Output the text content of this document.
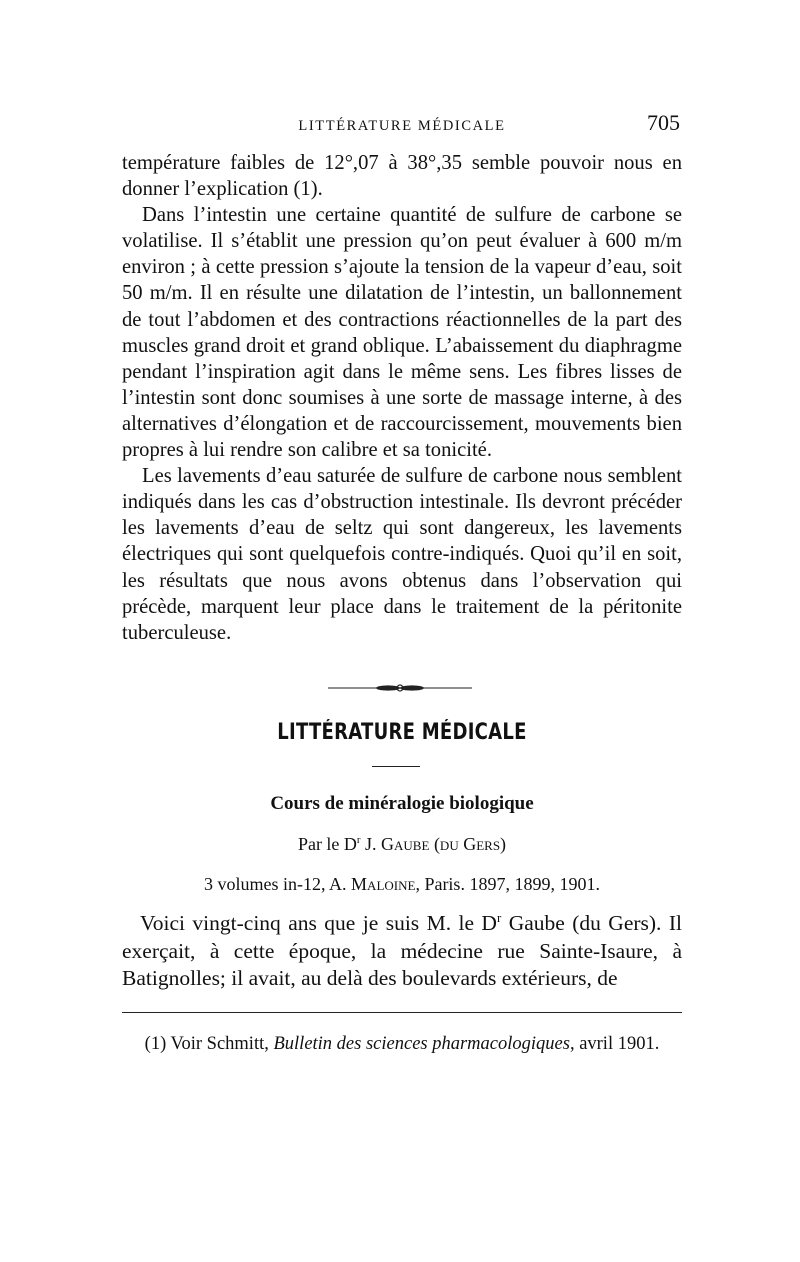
LITTÉRATURE MÉDICALE	705

température faibles de 12°,07 à 38°,35 semble pouvoir nous en donner l’explication (1).

Dans l’intestin une certaine quantité de sulfure de carbone se volatilise. Il s’établit une pression qu’on peut évaluer à 600 m/m environ ; à cette pression s’ajoute la tension de la vapeur d’eau, soit 50 m/m. Il en résulte une dilatation de l’intestin, un ballonnement de tout l’abdomen et des contractions réactionnelles de la part des muscles grand droit et grand oblique. L’abaissement du diaphragme pendant l’inspiration agit dans le même sens. Les fibres lisses de l’intestin sont donc soumises à une sorte de massage interne, à des alternatives d’élongation et de raccourcissement, mouvements bien propres à lui rendre son calibre et sa tonicité.

Les lavements d’eau saturée de sulfure de carbone nous semblent indiqués dans les cas d’obstruction intestinale. Ils devront précéder les lavements d’eau de seltz qui sont dangereux, les lavements électriques qui sont quelquefois contre-indiqués. Quoi qu’il en soit, les résultats que nous avons obtenus dans l’observation qui précède, marquent leur place dans le traitement de la péritonite tuberculeuse.

LITTÉRATURE MÉDICALE
Cours de minéralogie biologique
Par le $D^r$ J. Gaube (du Gers)
3 volumes in-12, A. Maloine, Paris. 1897, 1899, 1901.

Voici vingt-cinq ans que je suis M. le $D^r$ Gaube (du Gers). Il exerçait, à cette époque, la médecine rue Sainte-Isaure, à Batignolles; il avait, au delà des boulevards extérieurs, de

(1) Voir Schmitt, Bulletin des sciences pharmacologiques, avril 1901.
